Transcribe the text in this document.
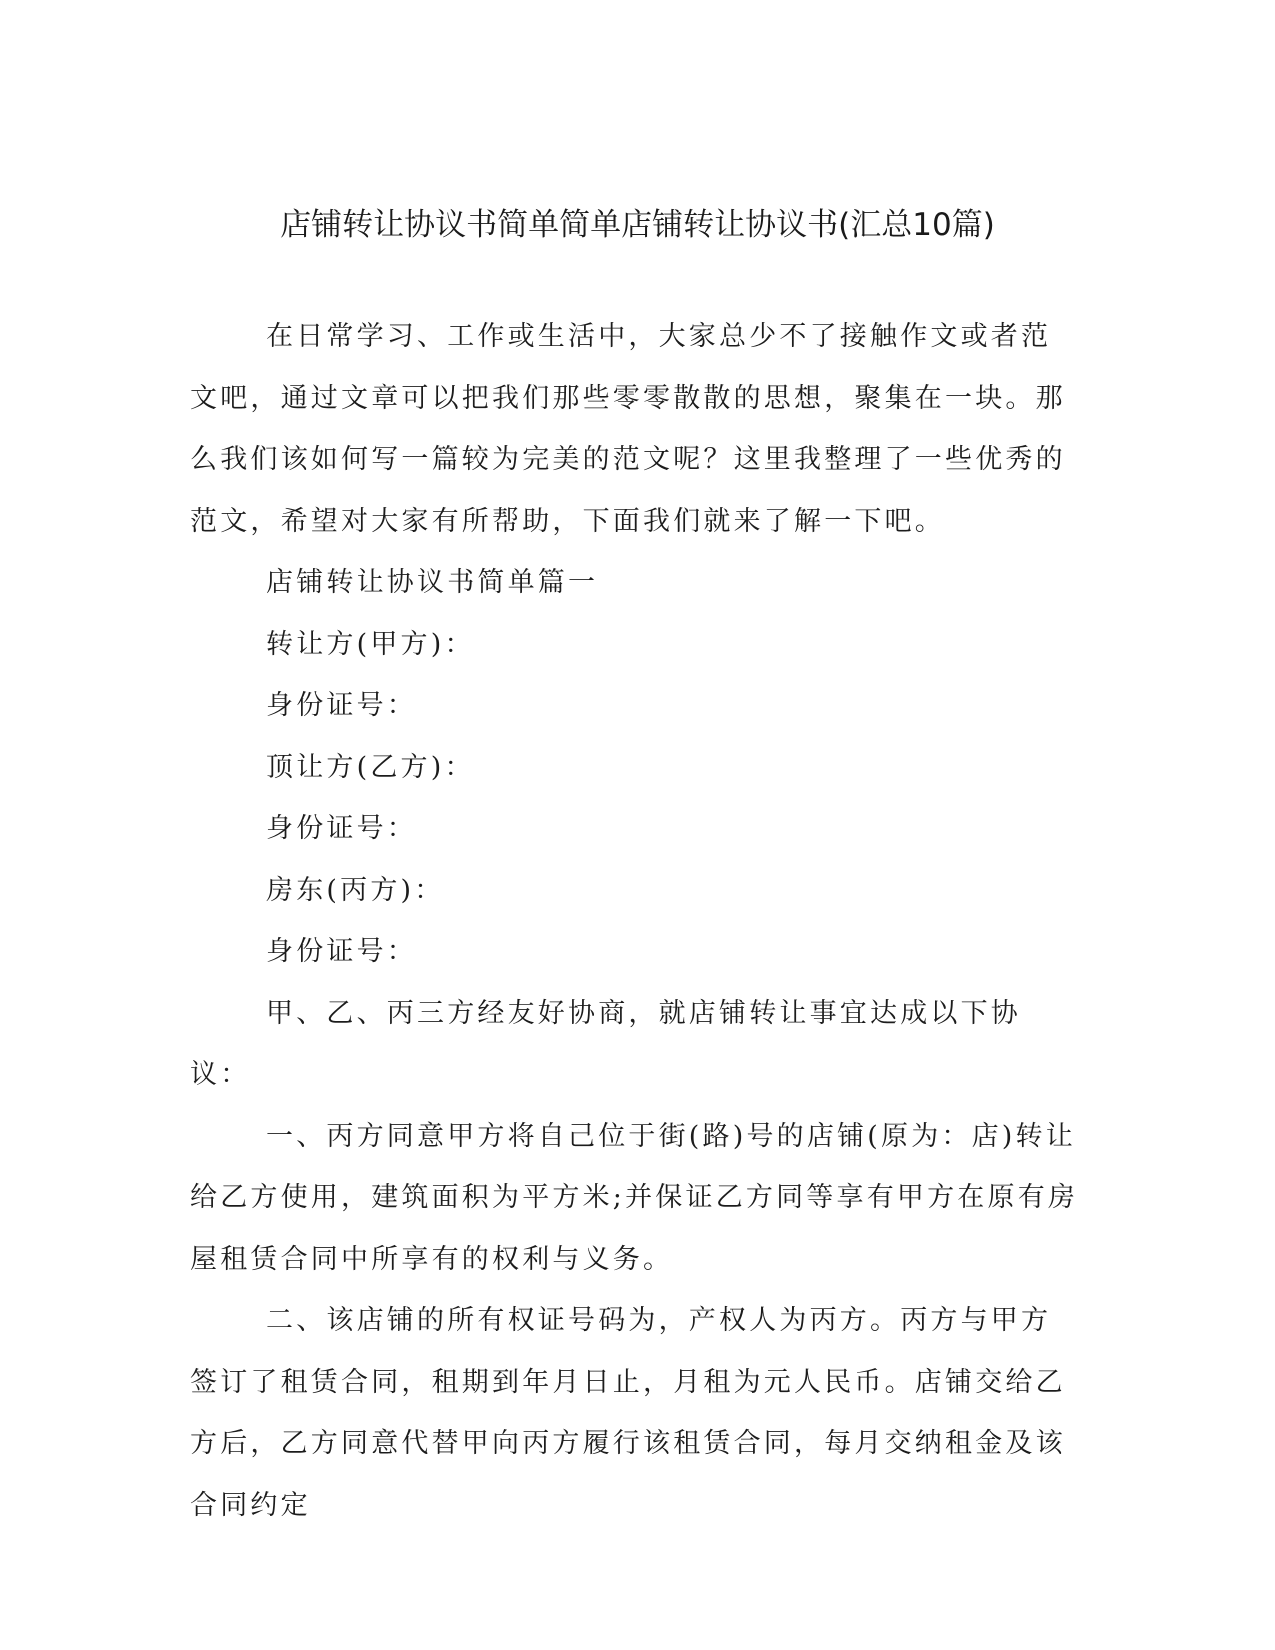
店铺转让协议书简单简单店铺转让协议书(汇总10篇)

在日常学习、工作或生活中，大家总少不了接触作文或者范文吧，通过文章可以把我们那些零零散散的思想，聚集在一块。那么我们该如何写一篇较为完美的范文呢？这里我整理了一些优秀的范文，希望对大家有所帮助，下面我们就来了解一下吧。

店铺转让协议书简单篇一

转让方(甲方)：

身份证号：

顶让方(乙方)：

身份证号：

房东(丙方)：

身份证号：

甲、乙、丙三方经友好协商，就店铺转让事宜达成以下协议：

一、丙方同意甲方将自己位于街(路)号的店铺(原为：店)转让给乙方使用，建筑面积为平方米;并保证乙方同等享有甲方在原有房屋租赁合同中所享有的权利与义务。

二、该店铺的所有权证号码为，产权人为丙方。丙方与甲方签订了租赁合同，租期到年月日止，月租为元人民币。店铺交给乙方后，乙方同意代替甲向丙方履行该租赁合同，每月交纳租金及该合同约定
